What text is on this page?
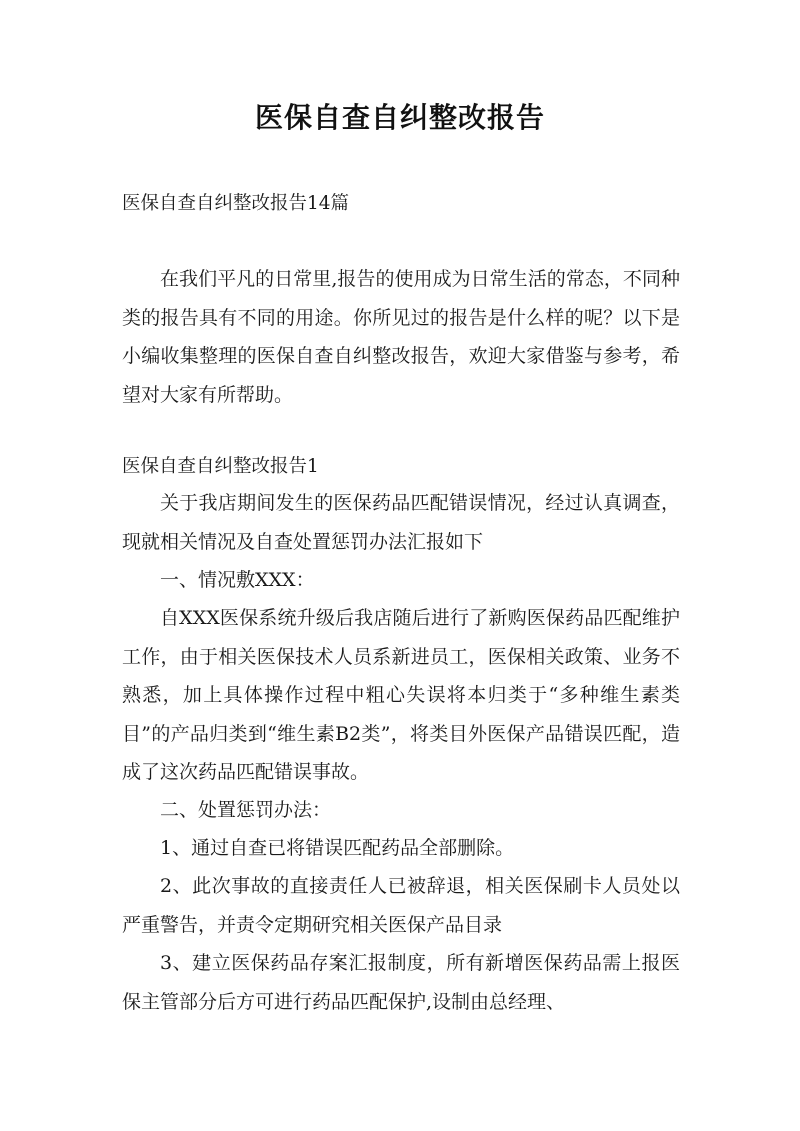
医保自查自纠整改报告

医保自查自纠整改报告14篇

在我们平凡的日常里,报告的使用成为日常生活的常态，不同种类的报告具有不同的用途。你所见过的报告是什么样的呢？以下是小编收集整理的医保自查自纠整改报告，欢迎大家借鉴与参考，希望对大家有所帮助。

医保自查自纠整改报告1

关于我店期间发生的医保药品匹配错误情况，经过认真调查，现就相关情况及自查处置惩罚办法汇报如下

一、情况敷XXX：

自XXX医保系统升级后我店随后进行了新购医保药品匹配维护工作，由于相关医保技术人员系新进员工，医保相关政策、业务不熟悉，加上具体操作过程中粗心失误将本归类于“多种维生素类目”的产品归类到“维生素B2类”，将类目外医保产品错误匹配，造成了这次药品匹配错误事故。

二、处置惩罚办法：

1、通过自查已将错误匹配药品全部删除。

2、此次事故的直接责任人已被辞退，相关医保刷卡人员处以严重警告，并责令定期研究相关医保产品目录

3、建立医保药品存案汇报制度，所有新增医保药品需上报医保主管部分后方可进行药品匹配保护,设制由总经理、
